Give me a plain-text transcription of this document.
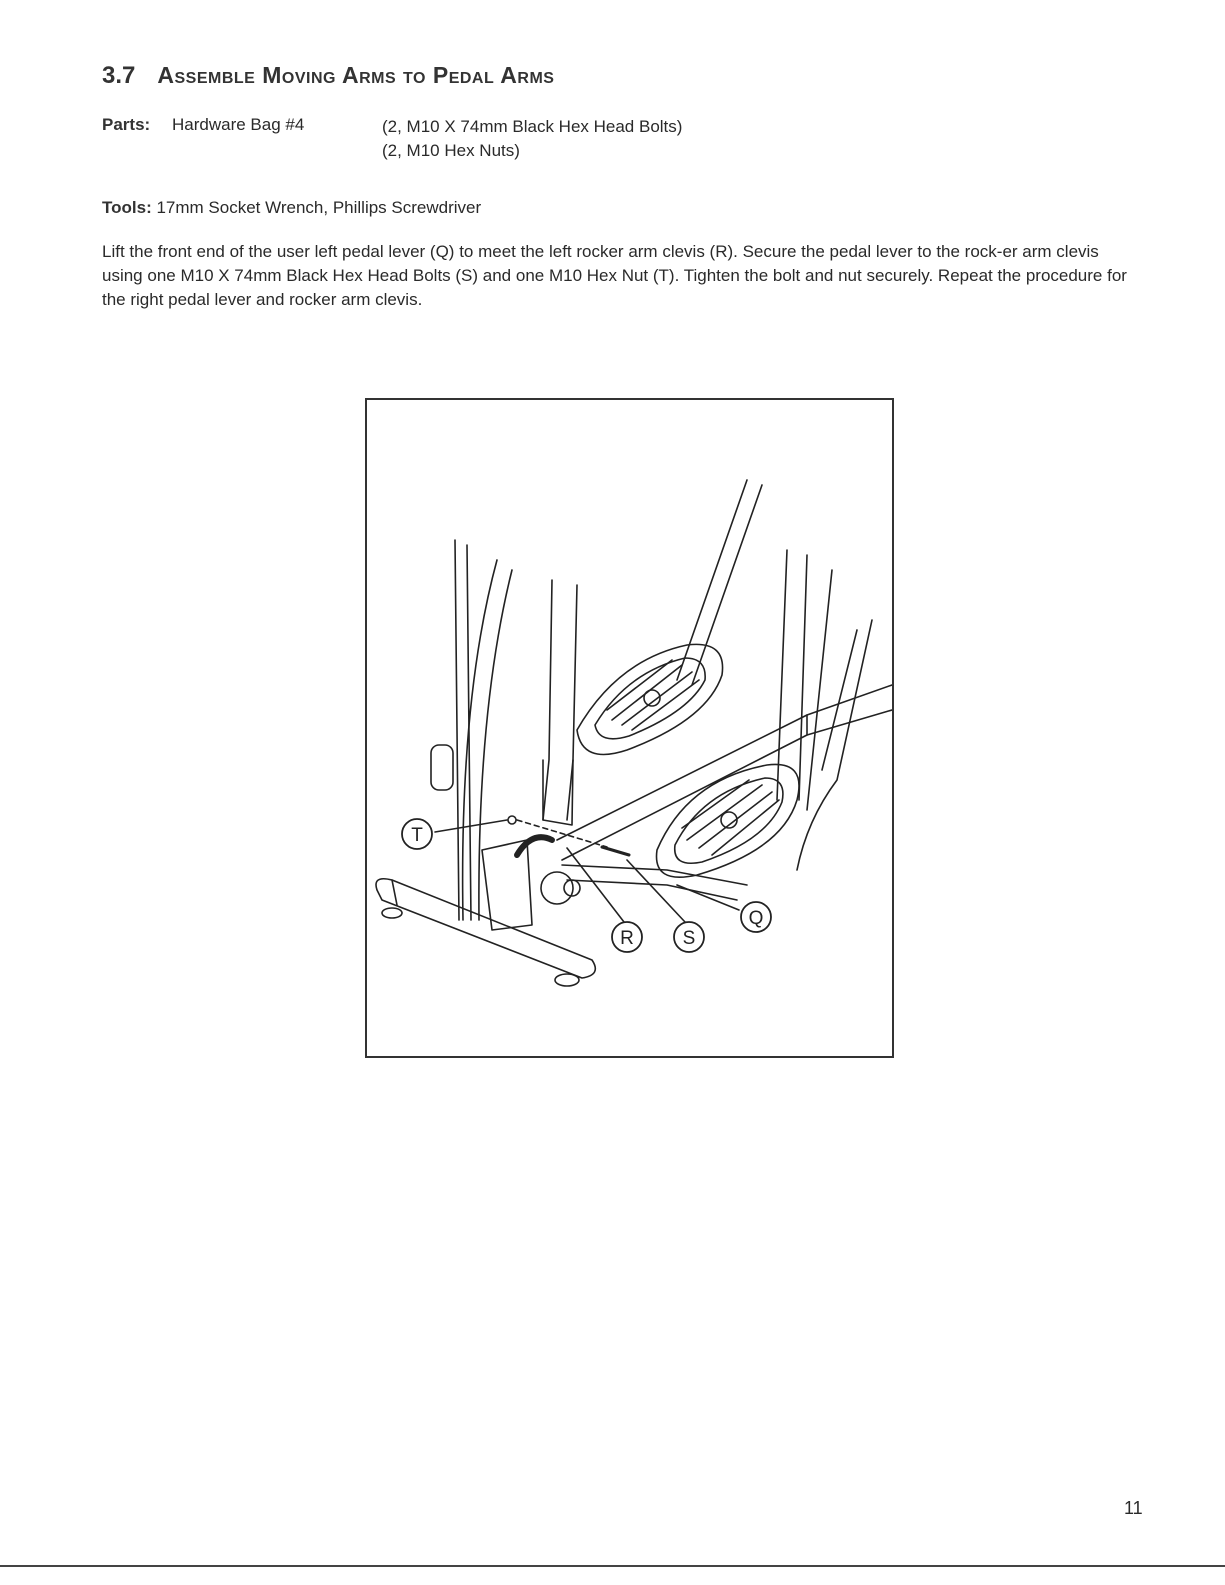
3.7 Assemble Moving Arms to Pedal Arms
Parts: Hardware Bag #4	(2, M10 X 74mm Black Hex Head Bolts)
(2, M10 Hex Nuts)
Tools: 17mm Socket Wrench, Phillips Screwdriver

Lift the front end of the user left pedal lever (Q) to meet the left rocker arm clevis (R). Secure the pedal lever to the rock-er arm clevis using one M10 X 74mm Black Hex Head Bolts (S) and one M10 Hex Nut (T). Tighten the bolt and nut securely. Repeat the procedure for the right pedal lever and rocker arm clevis.

T
R	S
Q
11
